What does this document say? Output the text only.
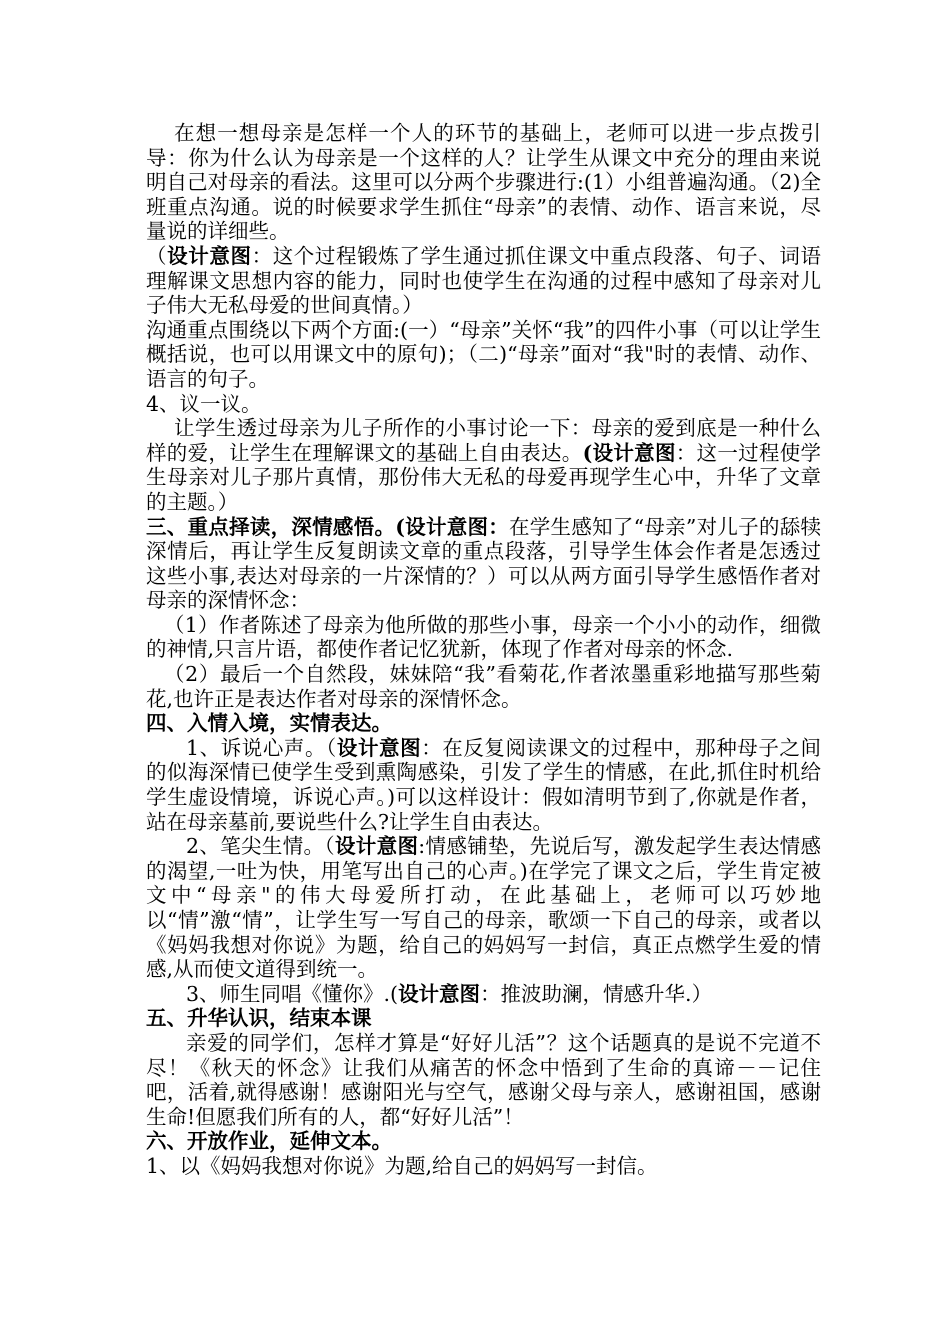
在想一想母亲是怎样一个人的环节的基础上，老师可以进一步点拨引导：你为什么认为母亲是一个这样的人？让学生从课文中充分的理由来说明自己对母亲的看法。这里可以分两个步骤进行:(1）小组普遍沟通。（2)全班重点沟通。说的时候要求学生抓住“母亲”的表情、动作、语言来说，尽量说的详细些。

（设计意图：这个过程锻炼了学生通过抓住课文中重点段落、句子、词语理解课文思想内容的能力，同时也使学生在沟通的过程中感知了母亲对儿子伟大无私母爱的世间真情。）

沟通重点围绕以下两个方面:(一）“母亲”关怀“我”的四件小事（可以让学生概括说，也可以用课文中的原句)；（二)“母亲”面对“我"时的表情、动作、语言的句子。

4、议一议。

让学生透过母亲为儿子所作的小事讨论一下：母亲的爱到底是一种什么样的爱，让学生在理解课文的基础上自由表达。(设计意图：这一过程使学生母亲对儿子那片真情，那份伟大无私的母爱再现学生心中，升华了文章的主题。）

三、重点择读，深情感悟。(设计意图：在学生感知了“母亲”对儿子的舔犊深情后，再让学生反复朗读文章的重点段落，引导学生体会作者是怎透过这些小事,表达对母亲的一片深情的？）可以从两方面引导学生感悟作者对母亲的深情怀念：

（1）作者陈述了母亲为他所做的那些小事，母亲一个小小的动作，细微的神情,只言片语，都使作者记忆犹新，体现了作者对母亲的怀念.

（2）最后一个自然段，妹妹陪“我”看菊花,作者浓墨重彩地描写那些菊花,也许正是表达作者对母亲的深情怀念。

四、入情入境，实情表达。

1、诉说心声。（设计意图：在反复阅读课文的过程中，那种母子之间的似海深情已使学生受到熏陶感染，引发了学生的情感，在此,抓住时机给学生虚设情境，诉说心声。)可以这样设计：假如清明节到了,你就是作者，站在母亲墓前,要说些什么?让学生自由表达。

2、笔尖生情。（设计意图:情感铺垫，先说后写，激发起学生表达情感的渴望,一吐为快，用笔写出自己的心声。)在学完了课文之后，学生肯定被文中“母亲"的伟大母爱所打动，在此基础上，老师可以巧妙地以“情”激“情”，让学生写一写自己的母亲，歌颂一下自己的母亲，或者以《妈妈我想对你说》为题，给自己的妈妈写一封信，真正点燃学生爱的情感,从而使文道得到统一。

3、师生同唱《懂你》.(设计意图：推波助澜，情感升华.）

五、升华认识，结束本课

亲爱的同学们，怎样才算是“好好儿活”？这个话题真的是说不完道不尽！《秋天的怀念》让我们从痛苦的怀念中悟到了生命的真谛－－记住吧，活着,就得感谢！感谢阳光与空气，感谢父母与亲人，感谢祖国，感谢生命!但愿我们所有的人，都“好好儿活”！

六、开放作业，延伸文本。

1、以《妈妈我想对你说》为题,给自己的妈妈写一封信。
